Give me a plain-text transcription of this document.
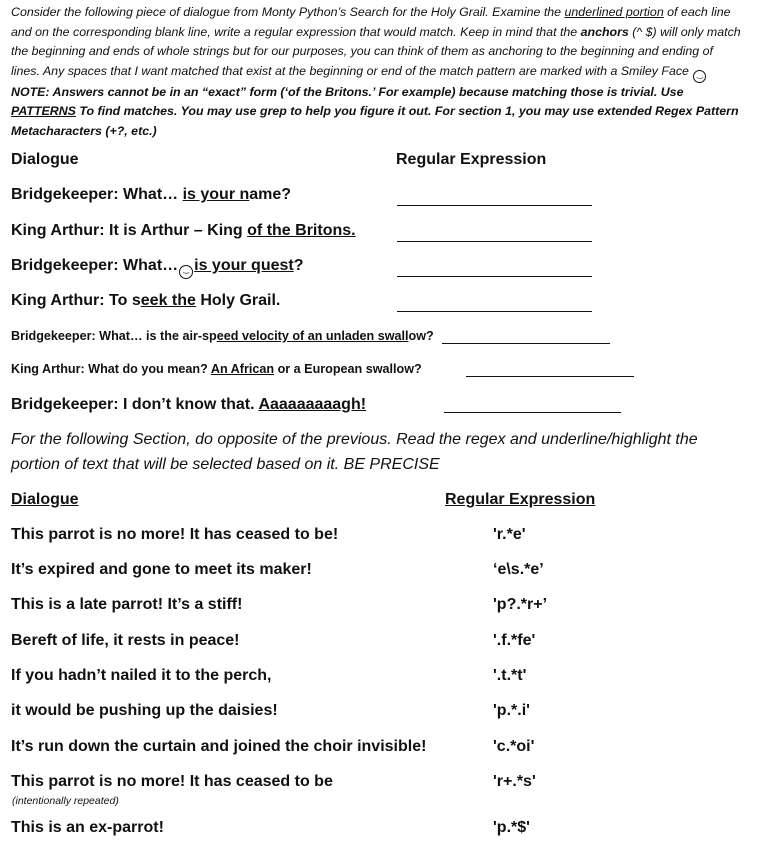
Consider the following piece of dialogue from Monty Python’s Search for the Holy Grail. Examine the underlined portion of each line and on the corresponding blank line, write a regular expression that would match. Keep in mind that the anchors (^ $) will only match the beginning and ends of whole strings but for our purposes, you can think of them as anchoring to the beginning and ending of lines. Any spaces that I want matched that exist at the beginning or end of the match pattern are marked with a Smiley Face ‿ NOTE: Answers cannot be in an “exact” form (‘of the Britons.’ For example) because matching those is trivial. Use PATTERNS To find matches. You may use grep to help you figure it out. For section 1, you may use extended Regex Pattern Metacharacters (+?, etc.)
Dialogue	Regular Expression
Bridgekeeper: What… is your name?
King Arthur: It is Arthur – King of the Britons.
Bridgekeeper: What… ‿ is your quest?
King Arthur: To seek the Holy Grail.
Bridgekeeper: What… is the air-speed velocity of an unladen swallow?
King Arthur: What do you mean? An African or a European swallow?
Bridgekeeper: I don’t know that. Aaaaaaaaagh!
For the following Section, do opposite of the previous. Read the regex and underline/highlight the portion of text that will be selected based on it. BE PRECISE
Dialogue	Regular Expression
This parrot is no more! It has ceased to be!	'r.*e'
It’s expired and gone to meet its maker!	‘e\s.*e’
This is a late parrot! It’s a stiff!	'p?.*r+’
Bereft of life, it rests in peace!	'.f.*fe'
If you hadn’t nailed it to the perch,	'.t.*t'
it would be pushing up the daisies!	'p.*.i'
It’s run down the curtain and joined the choir invisible!	'c.*oi'
This parrot is no more! It has ceased to be	'r+.*s'
(intentionally repeated)
This is an ex-parrot!	'p.*$'
